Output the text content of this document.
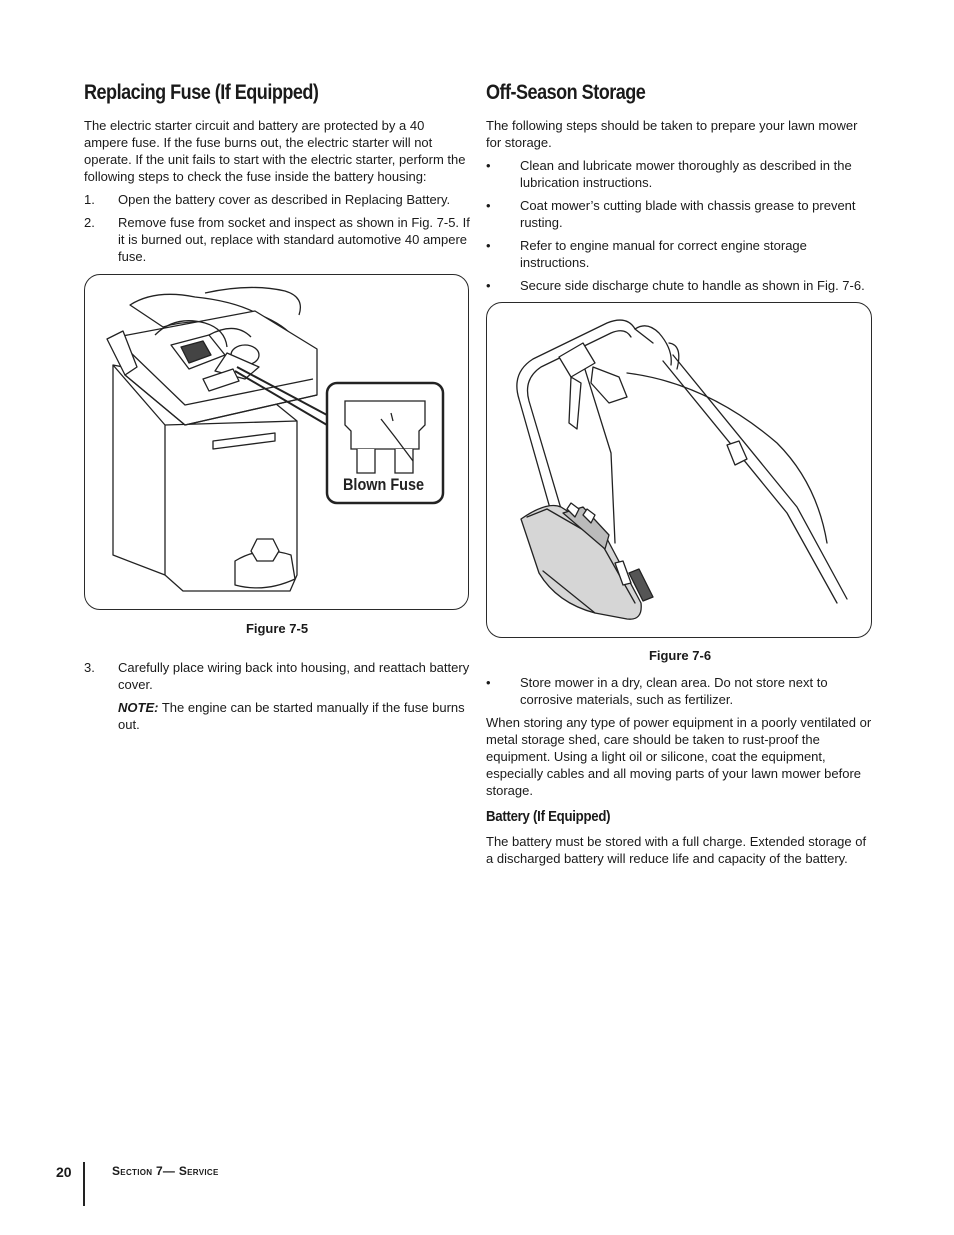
Replacing Fuse (If Equipped)

The electric starter circuit and battery are protected by a 40 ampere fuse. If the fuse burns out, the electric starter will not operate. If the unit fails to start with the electric starter, perform the following steps to check the fuse inside the battery housing:

1. Open the battery cover as described in Replacing Battery.
2. Remove fuse from socket and inspect as shown in Fig. 7-5. If it is burned out, replace with standard automotive 40 ampere fuse.
Blown Fuse
Figure 7-5
3. Carefully place wiring back into housing, and reattach battery cover.
NOTE: The engine can be started manually if the fuse burns out.
Off-Season Storage

The following steps should be taken to prepare your lawn mower for storage.

• Clean and lubricate mower thoroughly as described in the lubrication instructions.
• Coat mower’s cutting blade with chassis grease to prevent rusting.
• Refer to engine manual for correct engine storage instructions.
• Secure side discharge chute to handle as shown in Fig. 7-6.
Figure 7-6
• Store mower in a dry, clean area. Do not store next to corrosive materials, such as fertilizer.

When storing any type of power equipment in a poorly ventilated or metal storage shed, care should be taken to rust-proof the equipment. Using a light oil or silicone, coat the equipment, especially cables and all moving parts of your lawn mower before storage.

Battery (If Equipped)

The battery must be stored with a full charge. Extended storage of a discharged battery will reduce life and capacity of the battery.

20	Section 7— Service
